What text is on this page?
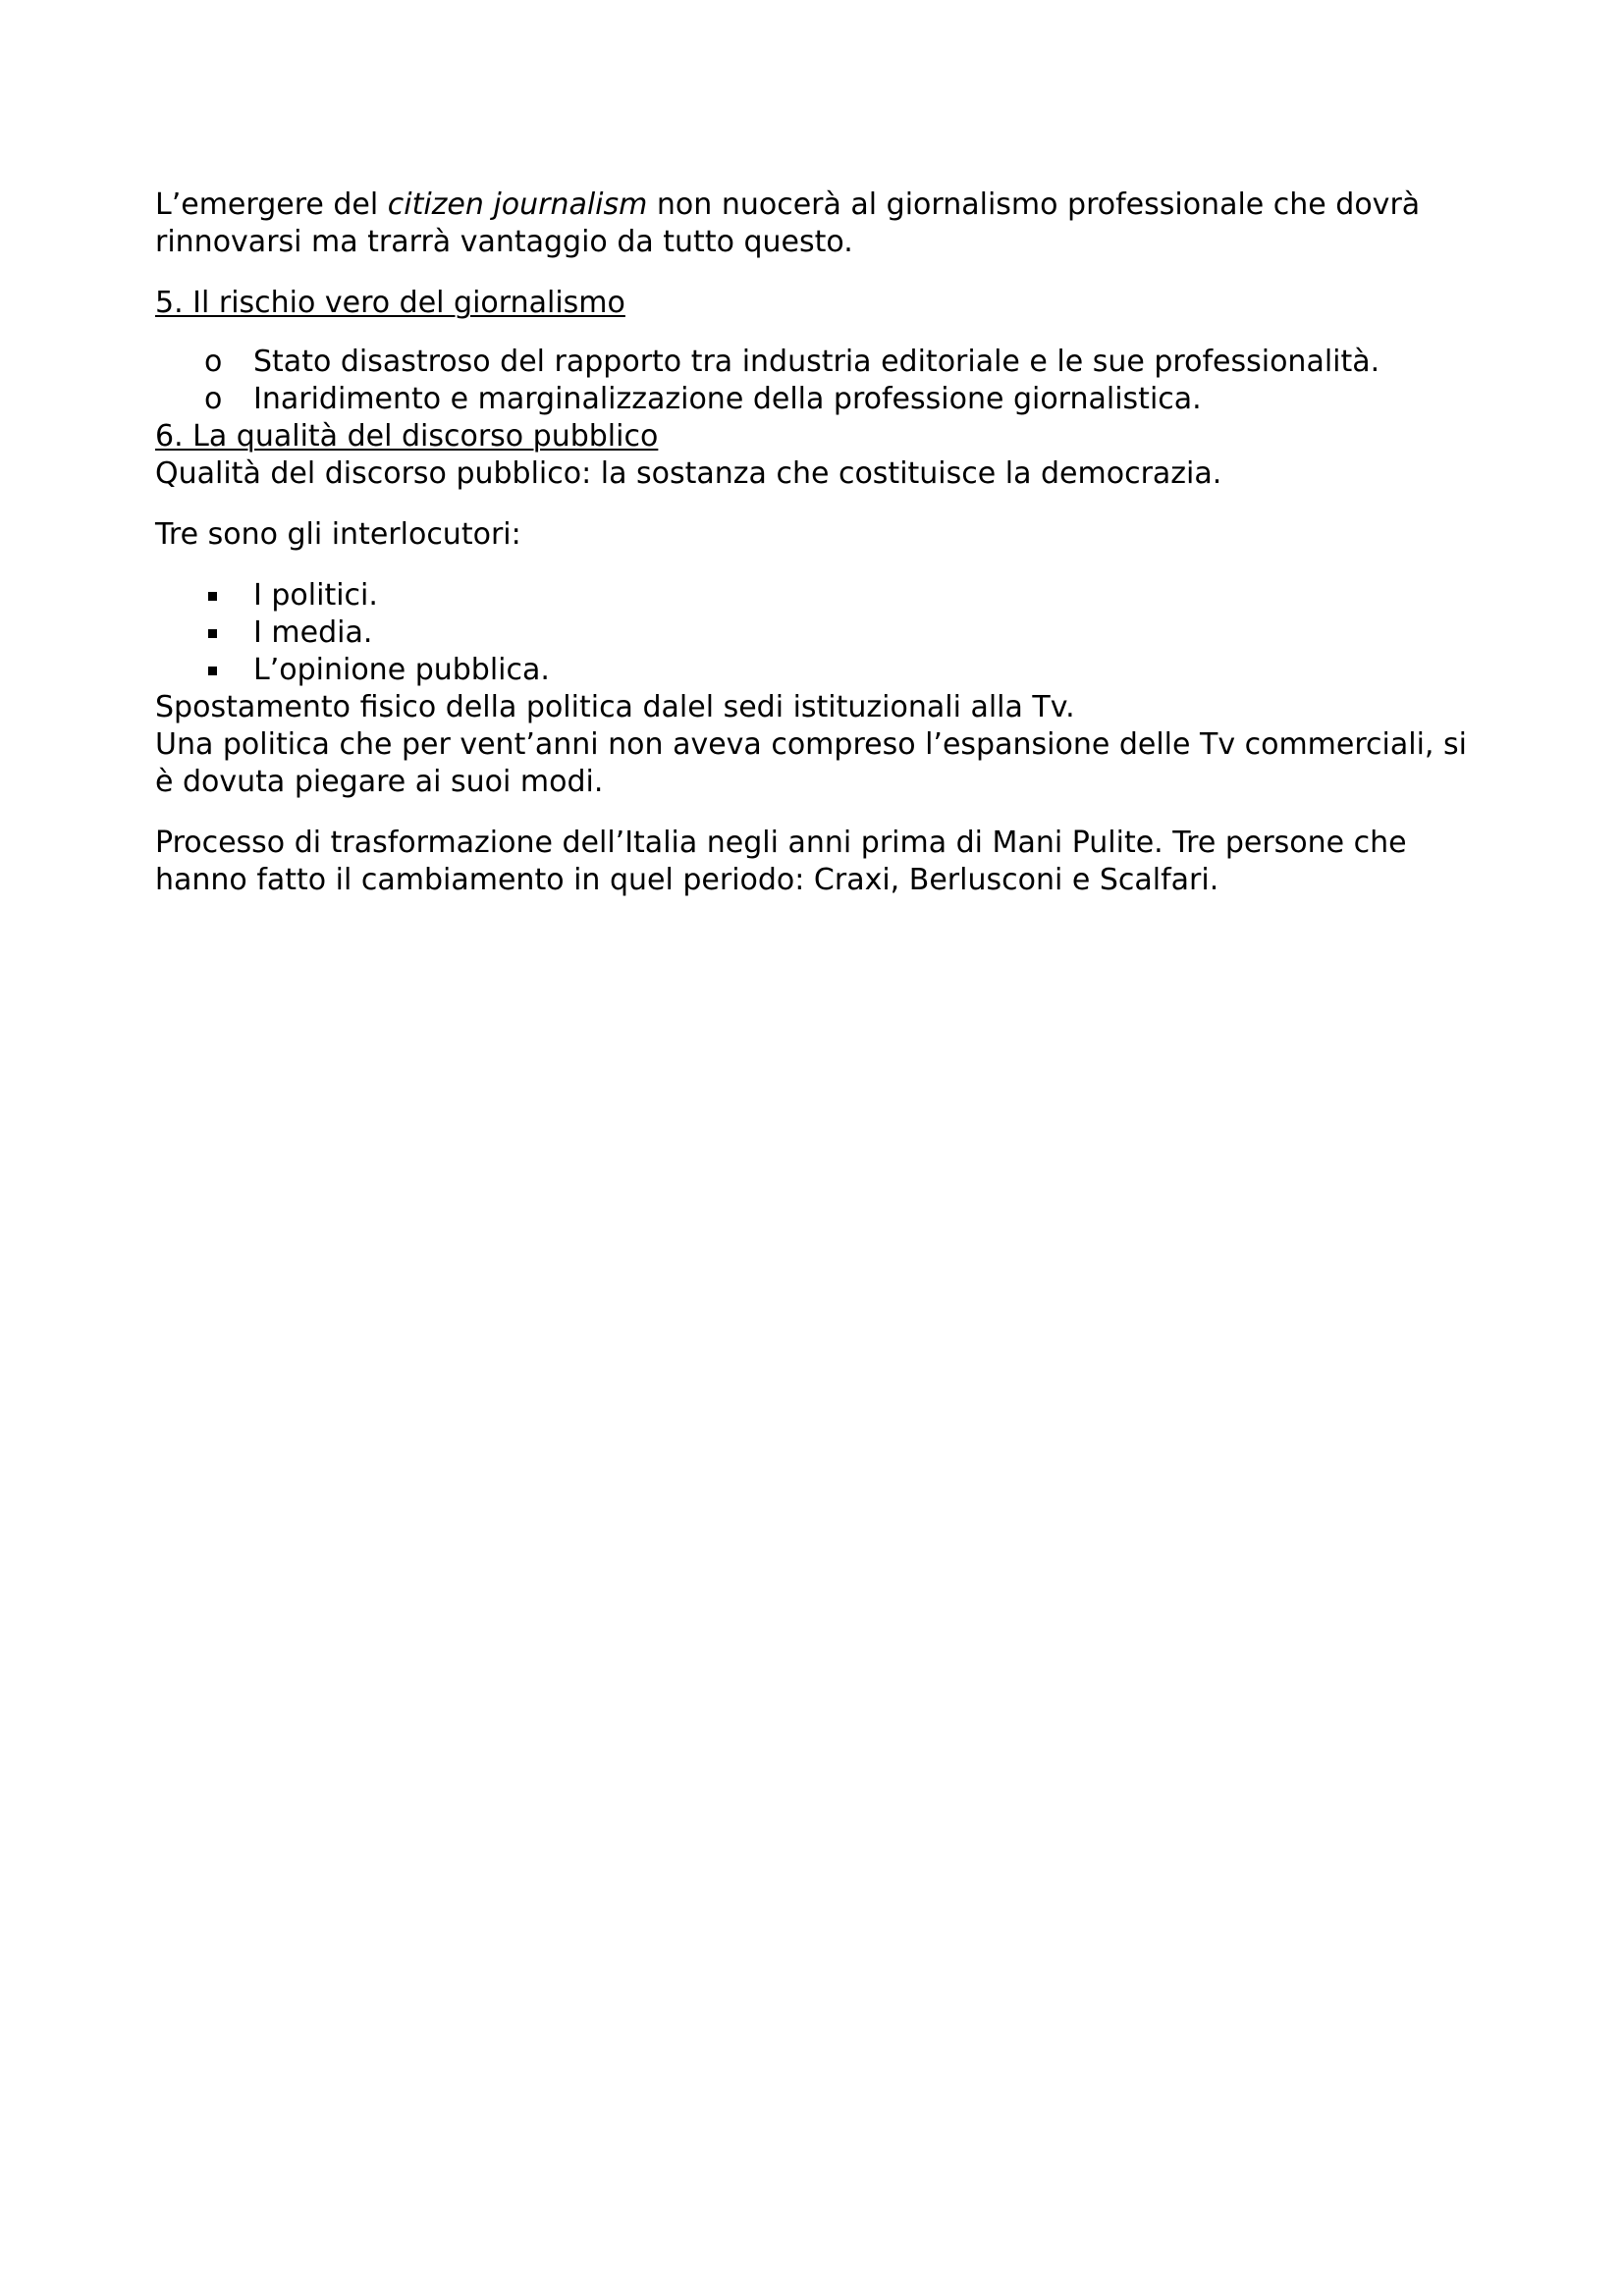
L’emergere del citizen journalism non nuocerà al giornalismo professionale che dovrà rinnovarsi ma trarrà vantaggio da tutto questo.

5. Il rischio vero del giornalismo

o Stato disastroso del rapporto tra industria editoriale e le sue professionalità.
o Inaridimento e marginalizzazione della professione giornalistica.

6. La qualità del discorso pubblico

Qualità del discorso pubblico: la sostanza che costituisce la democrazia.

Tre sono gli interlocutori:

I politici.
I media.
L’opinione pubblica.

Spostamento fisico della politica dalel sedi istituzionali alla Tv.

Una politica che per vent’anni non aveva compreso l’espansione delle Tv commerciali, si è dovuta piegare ai suoi modi.

Processo di trasformazione dell’Italia negli anni prima di Mani Pulite. Tre persone che hanno fatto il cambiamento in quel periodo: Craxi, Berlusconi e Scalfari.
